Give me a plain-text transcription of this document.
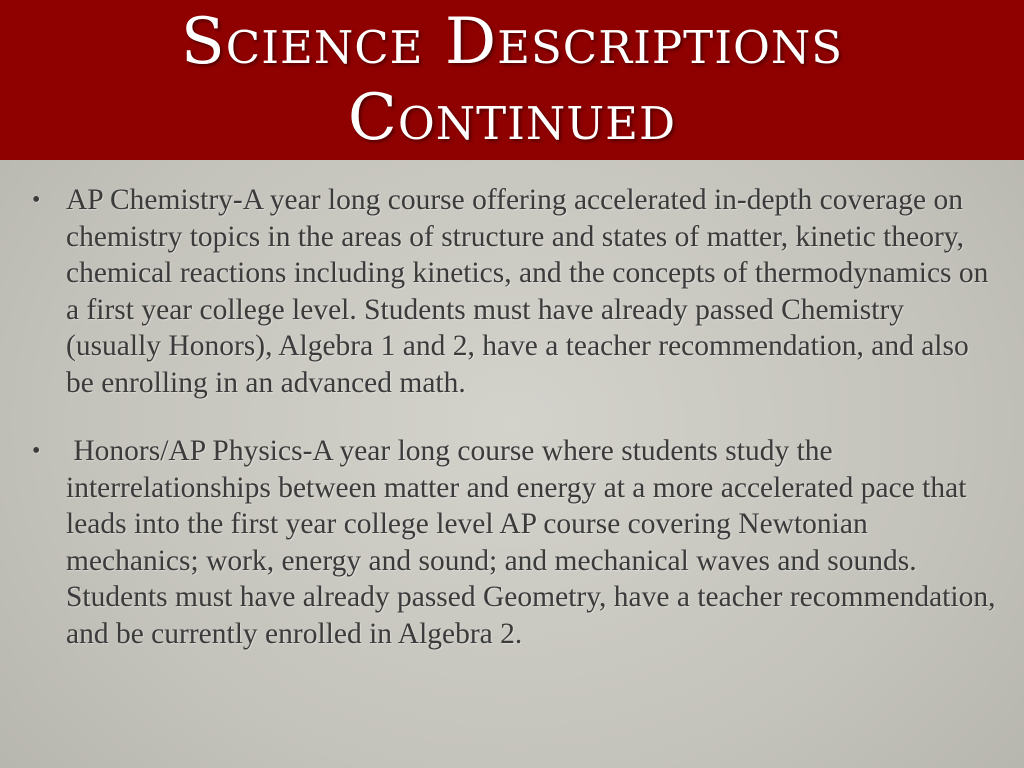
Science Descriptions
Continued
• AP Chemistry-A year long course offering accelerated in-depth coverage on chemistry topics in the areas of structure and states of matter, kinetic theory, chemical reactions including kinetics, and the concepts of thermodynamics on a first year college level. Students must have already passed Chemistry (usually Honors), Algebra 1 and 2, have a teacher recommendation, and also be enrolling in an advanced math.
• Honors/AP Physics-A year long course where students study the interrelationships between matter and energy at a more accelerated pace that leads into the first year college level AP course covering Newtonian mechanics; work, energy and sound; and mechanical waves and sounds.  Students must have already passed Geometry, have a teacher recommendation, and be currently enrolled in Algebra 2.
